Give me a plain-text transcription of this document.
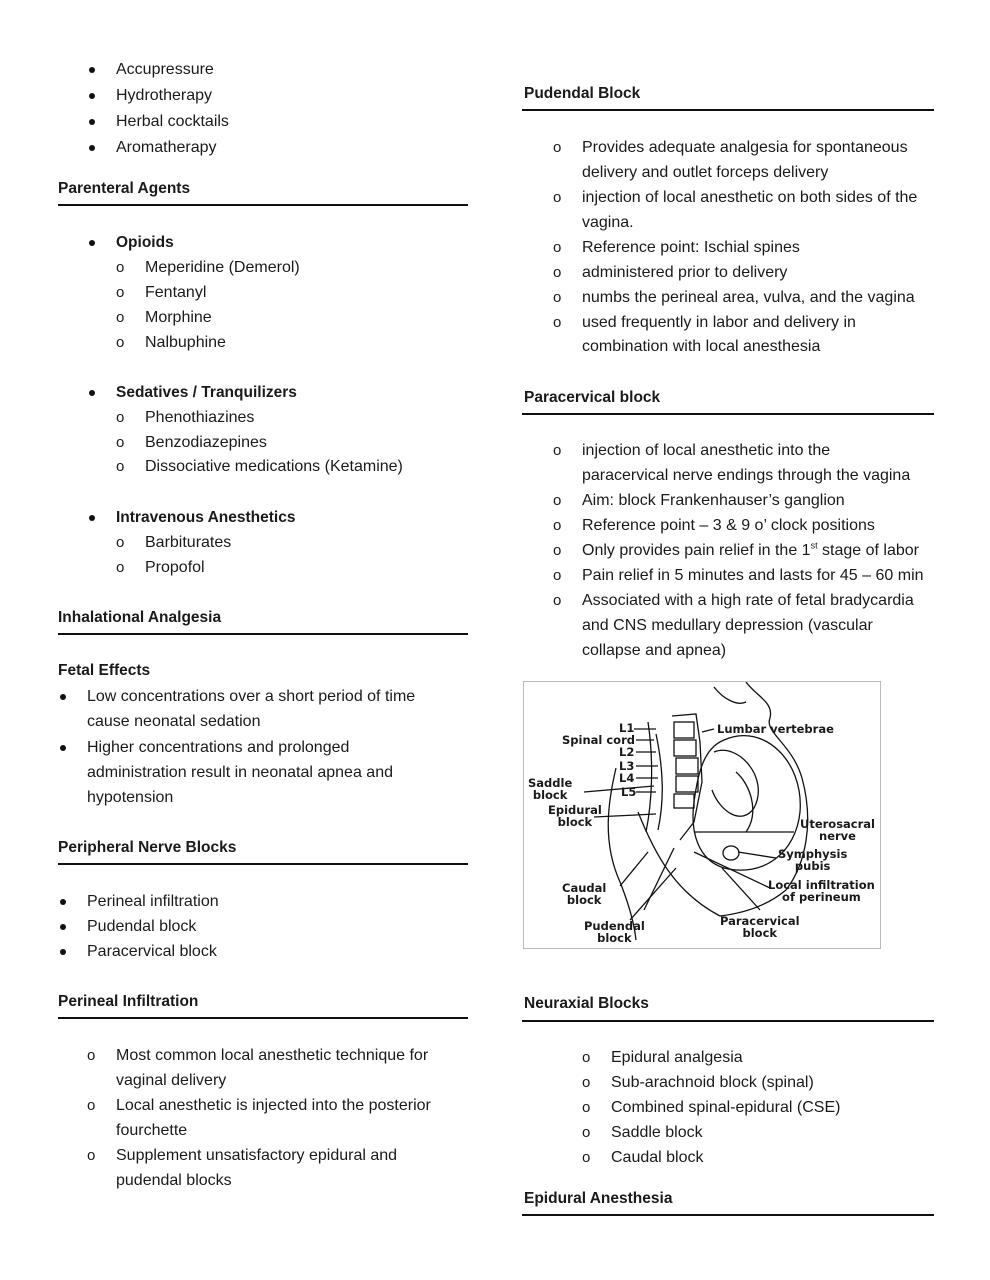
Accupressure
Hydrotherapy
Herbal cocktails
Aromatherapy
Parenteral Agents
Opioids
o Meperidine (Demerol)
o Fentanyl
o Morphine
o Nalbuphine
Sedatives / Tranquilizers
o Phenothiazines
o Benzodiazepines
o Dissociative medications (Ketamine)
Intravenous Anesthetics
o Barbiturates
o Propofol
Inhalational Analgesia
Fetal Effects
Low concentrations over a short period of time
cause neonatal sedation
Higher concentrations and prolonged
administration result in neonatal apnea and
hypotension
Peripheral Nerve Blocks
Perineal infiltration
Pudendal block
Paracervical block
Perineal Infiltration
o Most common local anesthetic technique for
vaginal delivery
o Local anesthetic is injected into the posterior
fourchette
o Supplement unsatisfactory epidural and
pudendal blocks
Pudendal Block
o Provides adequate analgesia for spontaneous
delivery and outlet forceps delivery
o injection of local anesthetic on both sides of the
vagina.
o Reference point: Ischial spines
o administered prior to delivery
o numbs the perineal area, vulva, and the vagina
o used frequently in labor and delivery in
combination with local anesthesia
Paracervical block
o injection of local anesthetic into the
paracervical nerve endings through the vagina
o Aim: block Frankenhauser’s ganglion
o Reference point – 3 & 9 o’ clock positions
o Only provides pain relief in the 1st stage of labor
o Pain relief in 5 minutes and lasts for 45 – 60 min
o Associated with a high rate of fetal bradycardia
and CNS medullary depression (vascular
collapse and apnea)
L1
Spinal cord
L2
L3
L4
L5
Lumbar vertebrae
Saddle
block
Epidural
block	Uterosacral
nerve
Symphysis
pubis
Caudal
block
Local infiltration
of perineum
Paracervical
block
Pudendal
block
Neuraxial Blocks
o Epidural analgesia
o Sub-arachnoid block (spinal)
o Combined spinal-epidural (CSE)
o Saddle block
o Caudal block
Epidural Anesthesia
